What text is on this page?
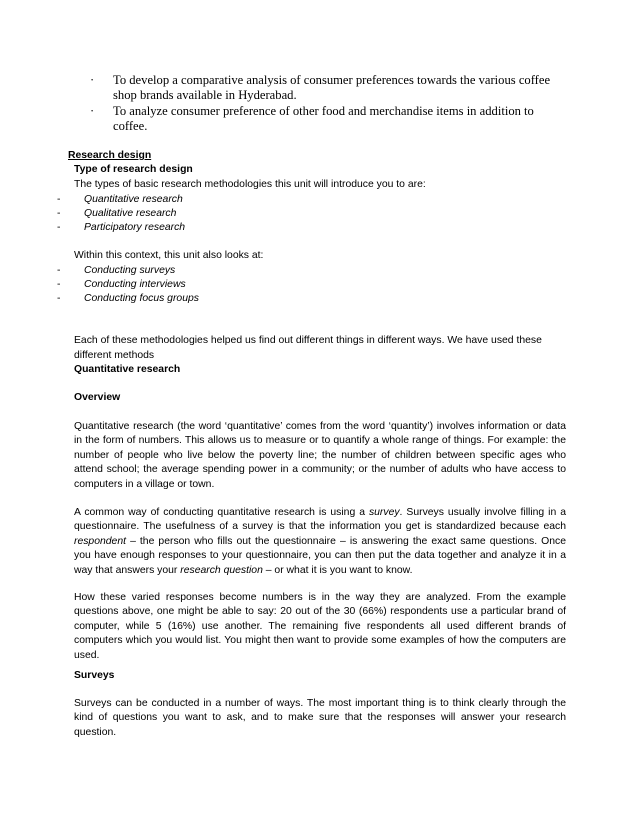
·	To develop a comparative analysis of consumer preferences towards the various coffee
shop brands available in Hyderabad.
·	To analyze consumer preference of other food and merchandise items in addition to
coffee.
Research design
Type of research design
The types of basic research methodologies this unit will introduce you to are:
- Quantitative research
- Qualitative research
- Participatory research
Within this context, this unit also looks at:
- Conducting surveys
- Conducting interviews
- Conducting focus groups
Each of these methodologies helped us find out different things in different ways. We have used these
different methods
Quantitative research
Overview

Quantitative research (the word ‘quantitative’ comes from the word ‘quantity’) involves information or data in the form of numbers. This allows us to measure or to quantify a whole range of things. For example: the number of people who live below the poverty line; the number of children between specific ages who attend school; the average spending power in a community; or the number of adults who have access to computers in a village or town.

A common way of conducting quantitative research is using a survey. Surveys usually involve filling in a questionnaire. The usefulness of a survey is that the information you get is standardized because each respondent – the person who fills out the questionnaire – is answering the exact same questions. Once you have enough responses to your questionnaire, you can then put the data together and analyze it in a way that answers your research question – or what it is you want to know.

How these varied responses become numbers is in the way they are analyzed. From the example questions above, one might be able to say: 20 out of the 30 (66%) respondents use a particular brand of computer, while 5 (16%) use another. The remaining five respondents all used different brands of computers which you would list. You might then want to provide some examples of how the computers are used.

Surveys

Surveys can be conducted in a number of ways. The most important thing is to think clearly through the kind of questions you want to ask, and to make sure that the responses will answer your research question.
